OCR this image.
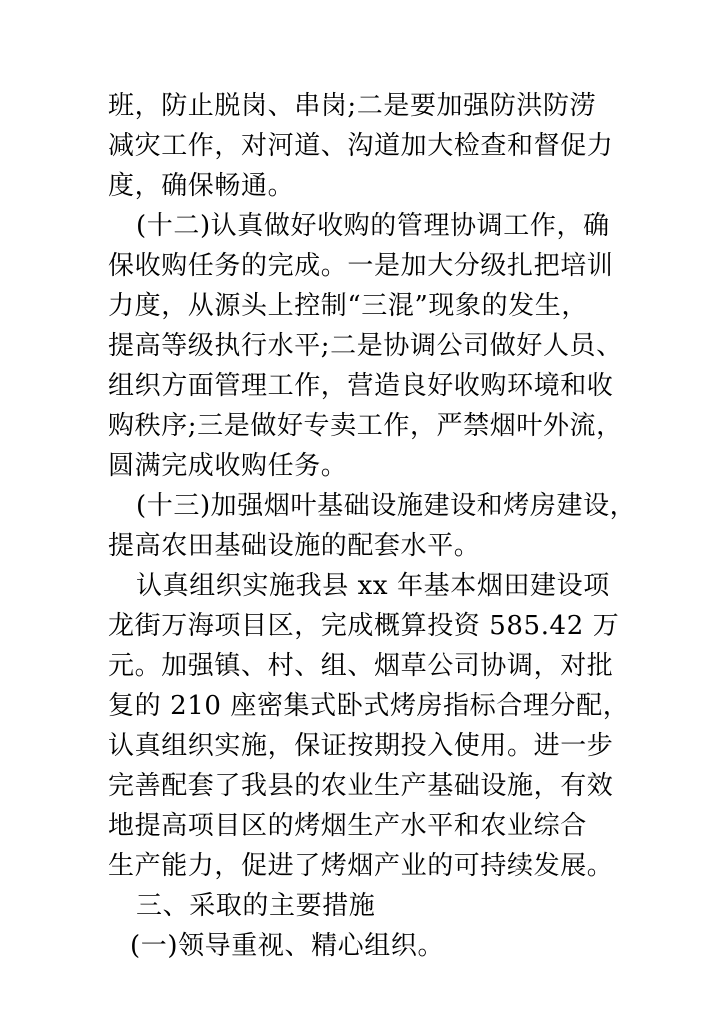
班，防止脱岗、串岗;二是要加强防洪防涝
减灾工作，对河道、沟道加大检查和督促力
度，确保畅通。
(十二)认真做好收购的管理协调工作，确
保收购任务的完成。一是加大分级扎把培训
力度，从源头上控制“三混”现象的发生，
提高等级执行水平;二是协调公司做好人员、
组织方面管理工作，营造良好收购环境和收
购秩序;三是做好专卖工作，严禁烟叶外流，
圆满完成收购任务。
(十三)加强烟叶基础设施建设和烤房建设，
提高农田基础设施的配套水平。
认真组织实施我县 xx 年基本烟田建设项
龙街万海项目区，完成概算投资 585.42 万
元。加强镇、村、组、烟草公司协调，对批
复的 210 座密集式卧式烤房指标合理分配，
认真组织实施，保证按期投入使用。进一步
完善配套了我县的农业生产基础设施，有效
地提高项目区的烤烟生产水平和农业综合
生产能力，促进了烤烟产业的可持续发展。
三、采取的主要措施
(一)领导重视、精心组织。
